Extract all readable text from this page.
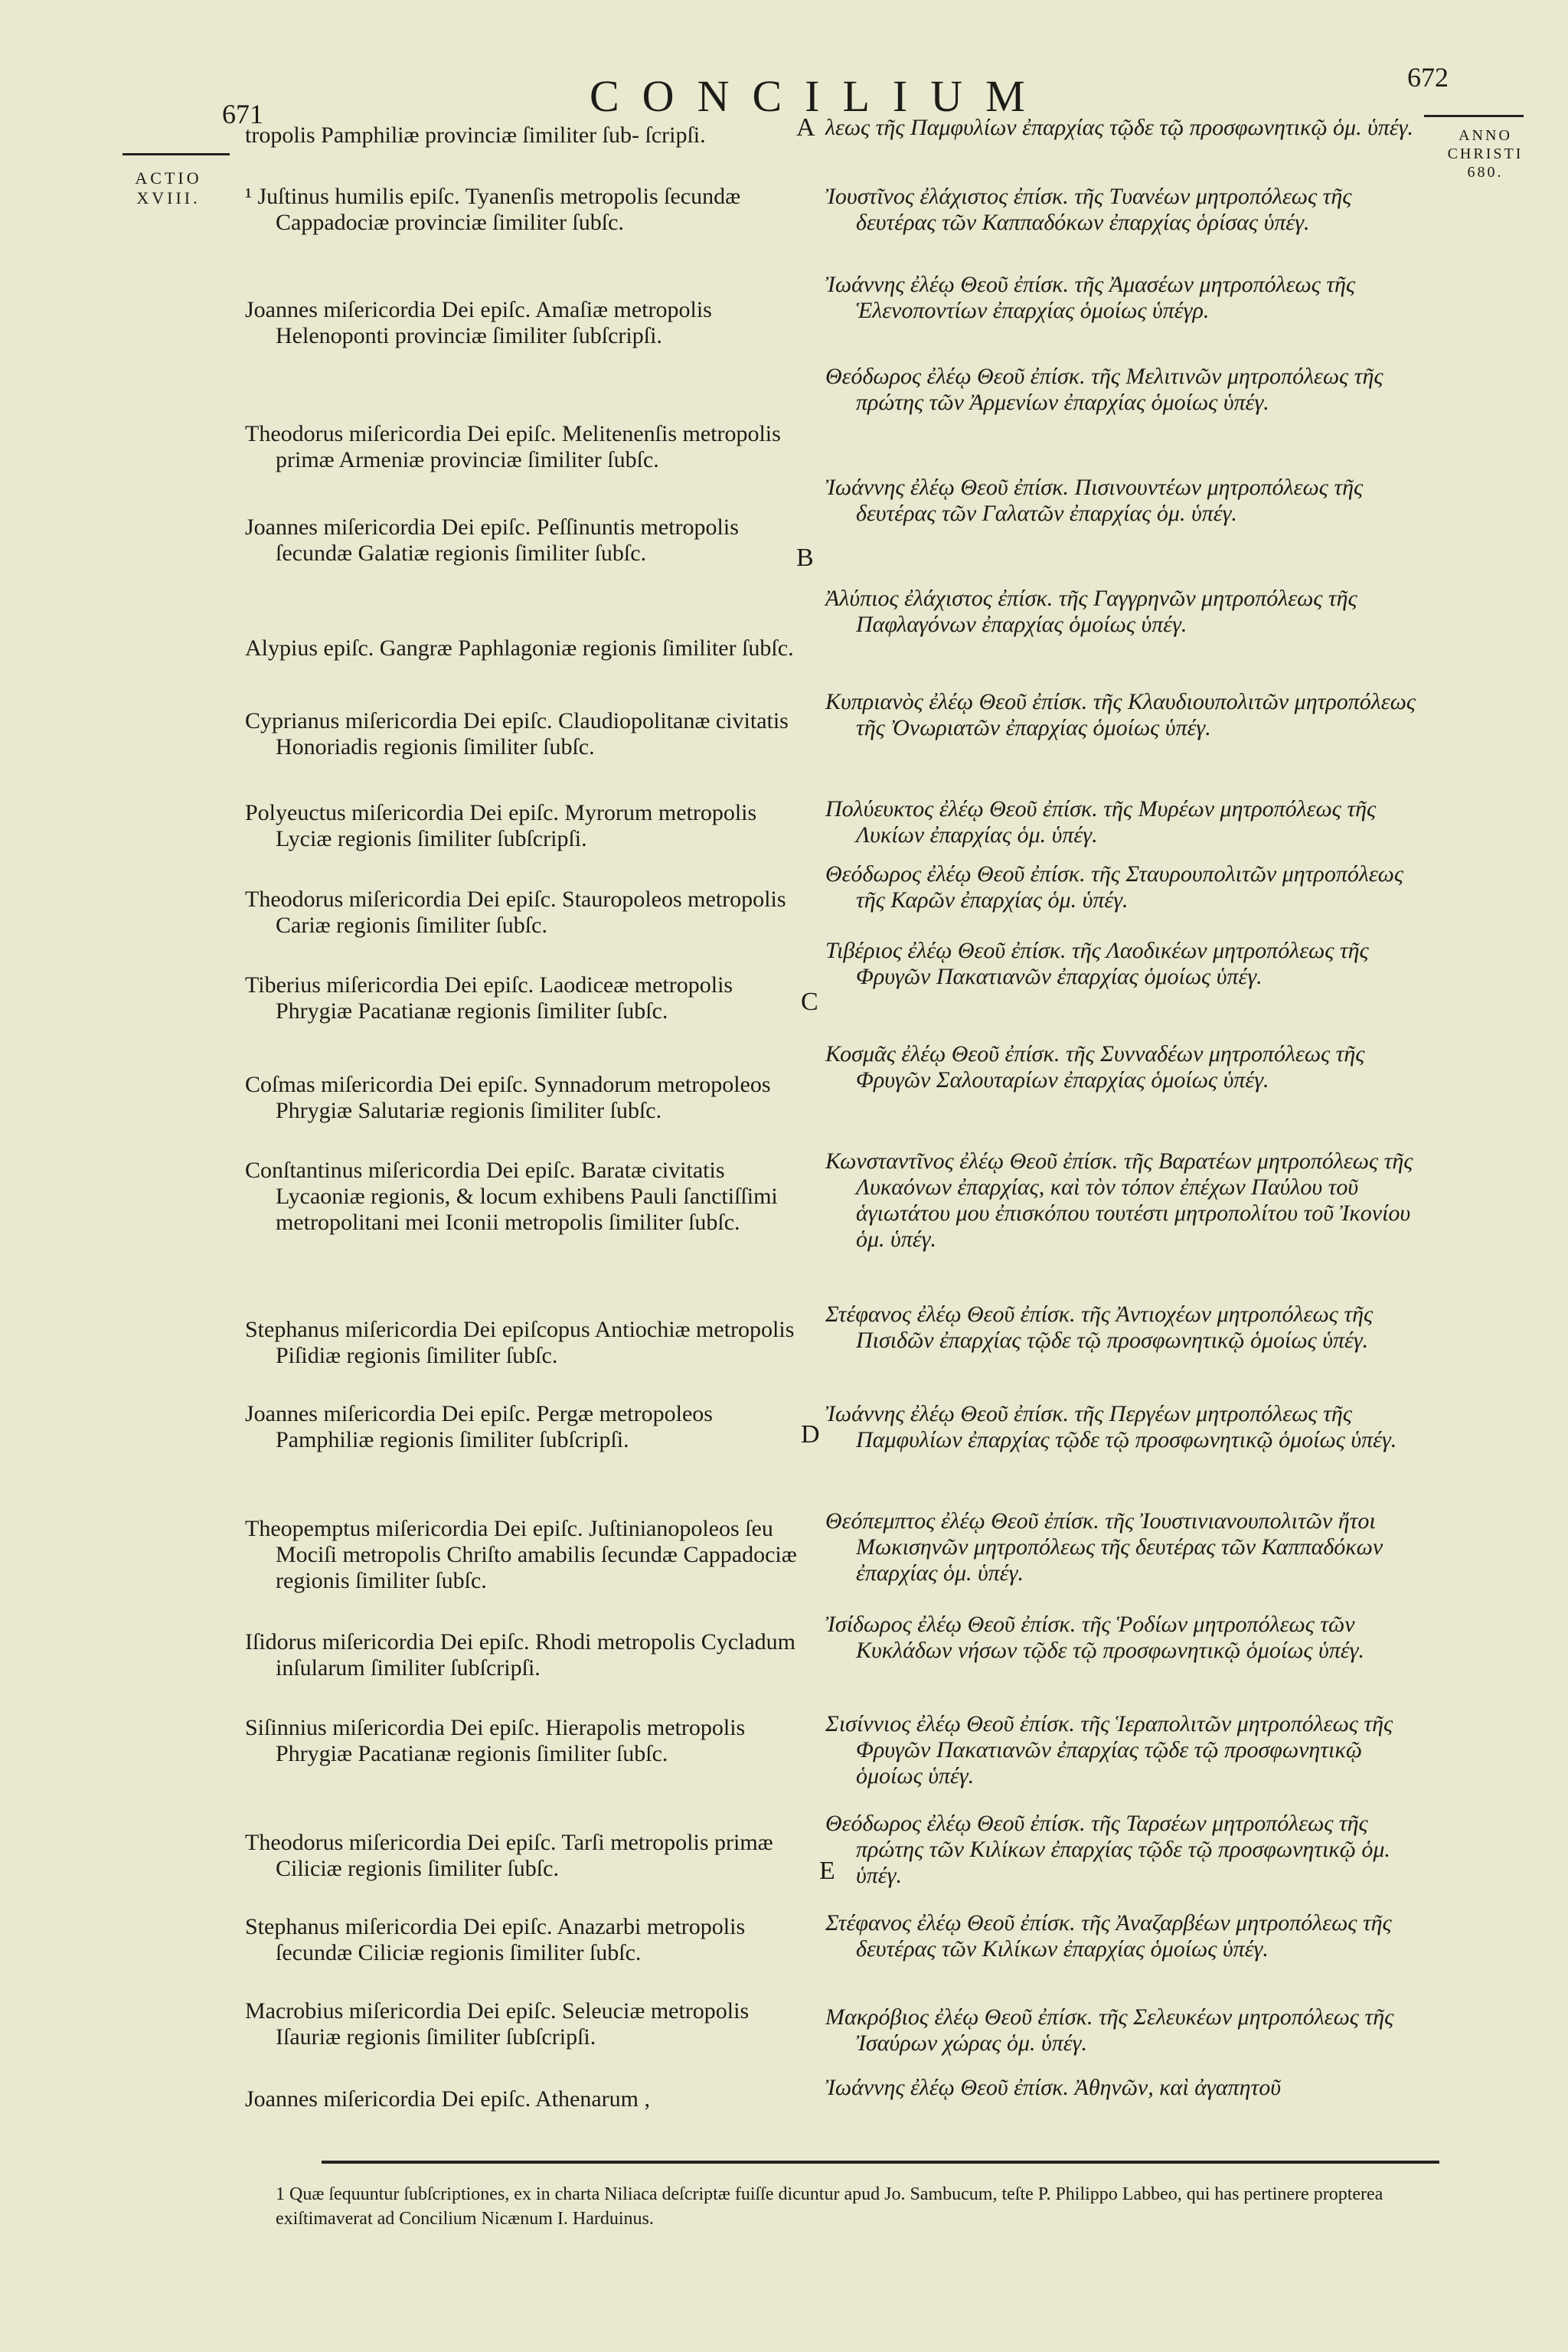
CONCILIUM
671
672
ACTIO
XVIII.
ANNO
CHRISTI
680.

tropolis Pamphiliæ provinciæ ſimiliter ſub- ſcripſi.

¹ Juſtinus humilis epiſc. Tyanenſis metropolis ſecundæ Cappadociæ provinciæ ſimiliter ſubſc.

Joannes miſericordia Dei epiſc. Amaſiæ metropolis Helenoponti provinciæ ſimiliter ſubſcripſi.

Theodorus miſericordia Dei epiſc. Melitenenſis metropolis primæ Armeniæ provinciæ ſimiliter ſubſc.

Joannes miſericordia Dei epiſc. Peſſinuntis metropolis ſecundæ Galatiæ regionis ſimiliter ſubſc.

Alypius epiſc. Gangræ Paphlagoniæ regionis ſimiliter ſubſc.

Cyprianus miſericordia Dei epiſc. Claudiopolitanæ civitatis Honoriadis regionis ſimiliter ſubſc.

Polyeuctus miſericordia Dei epiſc. Myrorum metropolis Lyciæ regionis ſimiliter ſubſcripſi.

Theodorus miſericordia Dei epiſc. Stauropoleos metropolis Cariæ regionis ſimiliter ſubſc.

Tiberius miſericordia Dei epiſc. Laodiceæ metropolis Phrygiæ Pacatianæ regionis ſimiliter ſubſc.

Coſmas miſericordia Dei epiſc. Synnadorum metropoleos Phrygiæ Salutariæ regionis ſimiliter ſubſc.

Conſtantinus miſericordia Dei epiſc. Baratæ civitatis Lycaoniæ regionis, & locum exhibens Pauli ſanctiſſimi metropolitani mei Iconii metropolis ſimiliter ſubſc.

Stephanus miſericordia Dei epiſcopus Antiochiæ metropolis Piſidiæ regionis ſimiliter ſubſc.

Joannes miſericordia Dei epiſc. Pergæ metropoleos Pamphiliæ regionis ſimiliter ſubſcripſi.

Theopemptus miſericordia Dei epiſc. Juſtinianopoleos ſeu Mociſi metropolis Chriſto amabilis ſecundæ Cappadociæ regionis ſimiliter ſubſc.

Iſidorus miſericordia Dei epiſc. Rhodi metropolis Cycladum inſularum ſimiliter ſubſcripſi.

Siſinnius miſericordia Dei epiſc. Hierapolis metropolis Phrygiæ Pacatianæ regionis ſimiliter ſubſc.

Theodorus miſericordia Dei epiſc. Tarſi metropolis primæ Ciliciæ regionis ſimiliter ſubſc.

Stephanus miſericordia Dei epiſc. Anazarbi metropolis ſecundæ Ciliciæ regionis ſimiliter ſubſc.

Macrobius miſericordia Dei epiſc. Seleuciæ metropolis Iſauriæ regionis ſimiliter ſubſcripſi.

Joannes miſericordia Dei epiſc. Athenarum ,

A
B
C
D
E

λεως τῆς Παμφυλίων ἐπαρχίας τῷδε τῷ προσφωνητικῷ ὁμ. ὑπέγ.

Ἰουστῖνος ἐλάχιστος ἐπίσκ. τῆς Τυανέων μητροπόλεως τῆς δευτέρας τῶν Καππαδόκων ἐπαρχίας ὁρίσας ὑπέγ.

Ἰωάννης ἐλέῳ Θεοῦ ἐπίσκ. τῆς Ἀμασέων μητροπόλεως τῆς Ἑλενοποντίων ἐπαρχίας ὁμοίως ὑπέγρ.

Θεόδωρος ἐλέῳ Θεοῦ ἐπίσκ. τῆς Μελιτινῶν μητροπόλεως τῆς πρώτης τῶν Ἀρμενίων ἐπαρχίας ὁμοίως ὑπέγ.

Ἰωάννης ἐλέῳ Θεοῦ ἐπίσκ. Πισινουντέων μητροπόλεως τῆς δευτέρας τῶν Γαλατῶν ἐπαρχίας ὁμ. ὑπέγ.

Ἀλύπιος ἐλάχιστος ἐπίσκ. τῆς Γαγγρηνῶν μητροπόλεως τῆς Παφλαγόνων ἐπαρχίας ὁμοίως ὑπέγ.

Κυπριανὸς ἐλέῳ Θεοῦ ἐπίσκ. τῆς Κλαυδιουπολιτῶν μητροπόλεως τῆς Ὀνωριατῶν ἐπαρχίας ὁμοίως ὑπέγ.

Πολύευκτος ἐλέῳ Θεοῦ ἐπίσκ. τῆς Μυρέων μητροπόλεως τῆς Λυκίων ἐπαρχίας ὁμ. ὑπέγ.

Θεόδωρος ἐλέῳ Θεοῦ ἐπίσκ. τῆς Σταυρουπολιτῶν μητροπόλεως τῆς Καρῶν ἐπαρχίας ὁμ. ὑπέγ.

Τιβέριος ἐλέῳ Θεοῦ ἐπίσκ. τῆς Λαοδικέων μητροπόλεως τῆς Φρυγῶν Πακατιανῶν ἐπαρχίας ὁμοίως ὑπέγ.

Κοσμᾶς ἐλέῳ Θεοῦ ἐπίσκ. τῆς Συνναδέων μητροπόλεως τῆς Φρυγῶν Σαλουταρίων ἐπαρχίας ὁμοίως ὑπέγ.

Κωνσταντῖνος ἐλέῳ Θεοῦ ἐπίσκ. τῆς Βαρατέων μητροπόλεως τῆς Λυκαόνων ἐπαρχίας, καὶ τὸν τόπον ἐπέχων Παύλου τοῦ ἁγιωτάτου μου ἐπισκόπου τουτέστι μητροπολίτου τοῦ Ἰκονίου ὁμ. ὑπέγ.

Στέφανος ἐλέῳ Θεοῦ ἐπίσκ. τῆς Ἀντιοχέων μητροπόλεως τῆς Πισιδῶν ἐπαρχίας τῷδε τῷ προσφωνητικῷ ὁμοίως ὑπέγ.

Ἰωάννης ἐλέῳ Θεοῦ ἐπίσκ. τῆς Περγέων μητροπόλεως τῆς Παμφυλίων ἐπαρχίας τῷδε τῷ προσφωνητικῷ ὁμοίως ὑπέγ.

Θεόπεμπτος ἐλέῳ Θεοῦ ἐπίσκ. τῆς Ἰουστινιανουπολιτῶν ἤτοι Μωκισηνῶν μητροπόλεως τῆς δευτέρας τῶν Καππαδόκων ἐπαρχίας ὁμ. ὑπέγ.

Ἰσίδωρος ἐλέῳ Θεοῦ ἐπίσκ. τῆς Ῥοδίων μητροπόλεως τῶν Κυκλάδων νήσων τῷδε τῷ προσφωνητικῷ ὁμοίως ὑπέγ.

Σισίννιος ἐλέῳ Θεοῦ ἐπίσκ. τῆς Ἱεραπολιτῶν μητροπόλεως τῆς Φρυγῶν Πακατιανῶν ἐπαρχίας τῷδε τῷ προσφωνητικῷ ὁμοίως ὑπέγ.

Θεόδωρος ἐλέῳ Θεοῦ ἐπίσκ. τῆς Ταρσέων μητροπόλεως τῆς πρώτης τῶν Κιλίκων ἐπαρχίας τῷδε τῷ προσφωνητικῷ ὁμ. ὑπέγ.

Στέφανος ἐλέῳ Θεοῦ ἐπίσκ. τῆς Ἀναζαρβέων μητροπόλεως τῆς δευτέρας τῶν Κιλίκων ἐπαρχίας ὁμοίως ὑπέγ.

Μακρόβιος ἐλέῳ Θεοῦ ἐπίσκ. τῆς Σελευκέων μητροπόλεως τῆς Ἰσαύρων χώρας ὁμ. ὑπέγ.

Ἰωάννης ἐλέῳ Θεοῦ ἐπίσκ. Ἀθηνῶν, καὶ ἀγαπητοῦ

1 Quæ ſequuntur ſubſcriptiones, ex in charta Niliaca deſcriptæ fuiſſe dicuntur apud Jo. Sambucum, teſte P. Philippo Labbeo, qui has pertinere propterea exiſtimaverat ad Concilium Nicænum I. Harduinus.
